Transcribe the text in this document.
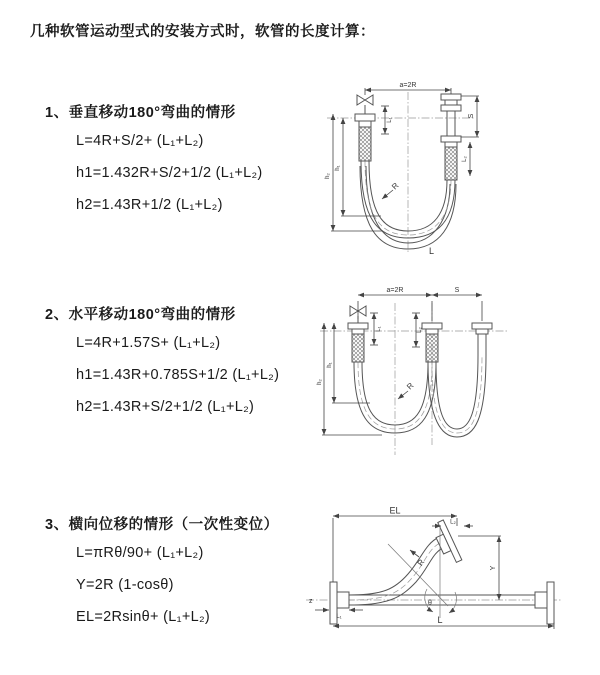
几种软管运动型式的安装方式时，软管的长度计算：
1、垂直移动180°弯曲的情形
L=4R+S/2+ (L₁+L₂)
h1=1.432R+S/2+1/2 (L₁+L₂)
h2=1.43R+1/2 (L₁+L₂)
2、水平移动180°弯曲的情形
L=4R+1.57S+ (L₁+L₂)
h1=1.43R+0.785S+1/2 (L₁+L₂)
h2=1.43R+S/2+1/2 (L₁+L₂)
3、横向位移的情形（一次性变位）
L=πRθ/90+ (L₁+L₂)
Y=2R (1-cosθ)
EL=2Rsinθ+ (L₁+L₂)
a=2R
S
L₂
L₁
h₁
h₂
R
L
a=2R	S
h₁
h₂
L₁	L₂
R
EL
L₂
Y
L
L₁
R
θ
z
